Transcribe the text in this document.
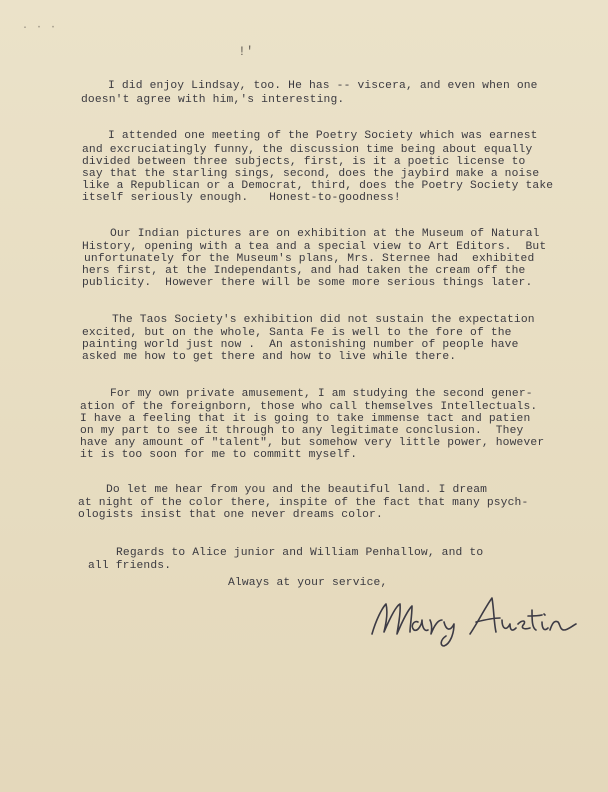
· ⋅ ⋅
!'
I did enjoy Lindsay, too. He has -- viscera, and even when one
doesn't agree with him,'s interesting.
I attended one meeting of the Poetry Society which was earnest
and excruciatingly funny, the discussion time being about equally
divided between three subjects, first, is it a poetic license to
say that the starling sings, second, does the jaybird make a noise
like a Republican or a Democrat, third, does the Poetry Society take
itself seriously enough.   Honest-to-goodness!
Our Indian pictures are on exhibition at the Museum of Natural
History, opening with a tea and a special view to Art Editors.  But
unfortunately for the Museum's plans, Mrs. Sternee had  exhibited
hers first, at the Independants, and had taken the cream off the
publicity.  However there will be some more serious things later.
The Taos Society's exhibition did not sustain the expectation
excited, but on the whole, Santa Fe is well to the fore of the
painting world just now .  An astonishing number of people have
asked me how to get there and how to live while there.
For my own private amusement, I am studying the second gener-
ation of the foreignborn, those who call themselves Intellectuals.
I have a feeling that it is going to take immense tact and patien
on my part to see it through to any legitimate conclusion.  They
have any amount of "talent", but somehow very little power, however
it is too soon for me to committ myself.
Do let me hear from you and the beautiful land. I dream
at night of the color there, inspite of the fact that many psych-
ologists insist that one never dreams color.
Regards to Alice junior and William Penhallow, and to
all friends.
Always at your service,
